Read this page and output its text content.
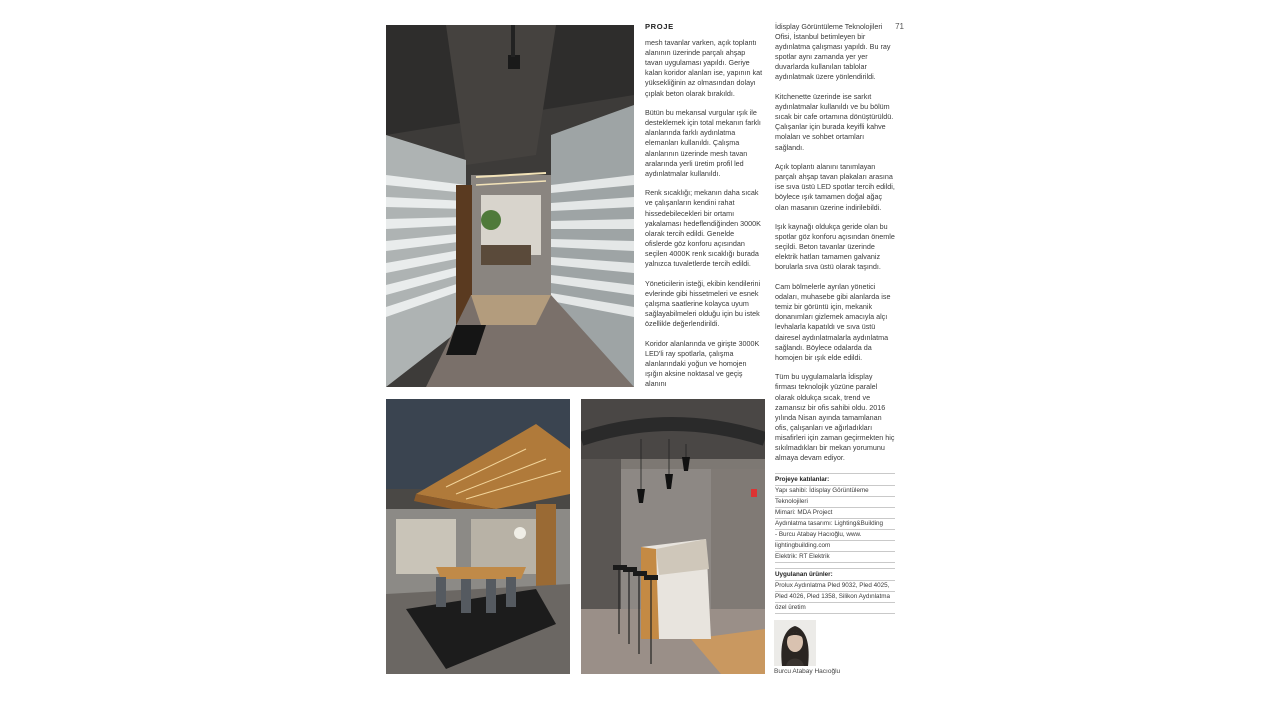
PROJE

mesh tavanlar varken, açık toplantı alanının üzerinde parçalı ahşap tavan uygulaması yapıldı. Geriye kalan koridor alanları ise, yapının kat yüksekliğinin az olmasından dolayı çıplak beton olarak bırakıldı.

Bütün bu mekansal vurgular ışık ile desteklemek için total mekanın farklı alanlarında farklı aydınlatma elemanları kullanıldı. Çalışma alanlarının üzerinde mesh tavan aralarında yerli üretim profil led aydınlatmalar kullanıldı.

Renk sıcaklığı; mekanın daha sıcak ve çalışanların kendini rahat hissedebilecekleri bir ortamı yakalaması hedeflendiğinden 3000K olarak tercih edildi. Genelde ofislerde göz konforu açısından seçilen 4000K renk sıcaklığı burada yalnızca tuvaletlerde tercih edildi.

Yöneticilerin isteği, ekibin kendilerini evlerinde gibi hissetmeleri ve esnek çalışma saatlerine kolayca uyum sağlayabilmeleri olduğu için bu istek özellikle değerlendirildi.

Koridor alanlarında ve girişte 3000K LED'li ray spotlarla, çalışma alanlarındaki yoğun ve homojen ışığın aksine noktasal ve geçiş alanını

71

İdisplay Görüntüleme Teknolojileri Ofisi, İstanbul betimleyen bir aydınlatma çalışması yapıldı. Bu ray spotlar aynı zamanda yer yer duvarlarda kullanılan tablolar aydınlatmak üzere yönlendirildi.

Kitchenette üzerinde ise sarkıt aydınlatmalar kullanıldı ve bu bölüm sıcak bir cafe ortamına dönüştürüldü. Çalışanlar için burada keyifli kahve molaları ve sohbet ortamları sağlandı.

Açık toplantı alanını tanımlayan parçalı ahşap tavan plakaları arasına ise sıva üstü LED spotlar tercih edildi, böylece ışık tamamen doğal ağaç olan masanın üzerine indirilebildi.

Işık kaynağı oldukça geride olan bu spotlar göz konforu açısından önemle seçildi. Beton tavanlar üzerinde elektrik hatları tamamen galvaniz borularla sıva üstü olarak taşındı.

Cam bölmelerle ayrılan yönetici odaları, muhasebe gibi alanlarda ise temiz bir görüntü için, mekanik donanımları gizlemek amacıyla alçı levhalarla kapatıldı ve sıva üstü dairesel aydınlatmalarla aydınlatma sağlandı. Böylece odalarda da homojen bir ışık elde edildi.

Tüm bu uygulamalarla İdisplay firması teknolojik yüzüne paralel olarak oldukça sıcak, trend ve zamansız bir ofis sahibi oldu. 2016 yılında Nisan ayında tamamlanan ofis, çalışanları ve ağırladıkları misafirleri için zaman geçirmekten hiç sıkılmadıkları bir mekan yorumunu almaya devam ediyor.

Projeye katılanlar:
Yapı sahibi: İdisplay Görüntüleme
Teknolojileri
Mimari: MDA Project
Aydınlatma tasarımı: Lighting&Building
- Burcu Atabay Hacıoğlu, www.
lightingbuilding.com
Elektrik: RT Elektrik
Uygulanan ürünler:
Prolux Aydınlatma Pled 9032, Pled 4025,
Pled 4026, Pled 1358, Silikon Aydınlatma
özel üretim
Burcu Atabay Hacıoğlu
